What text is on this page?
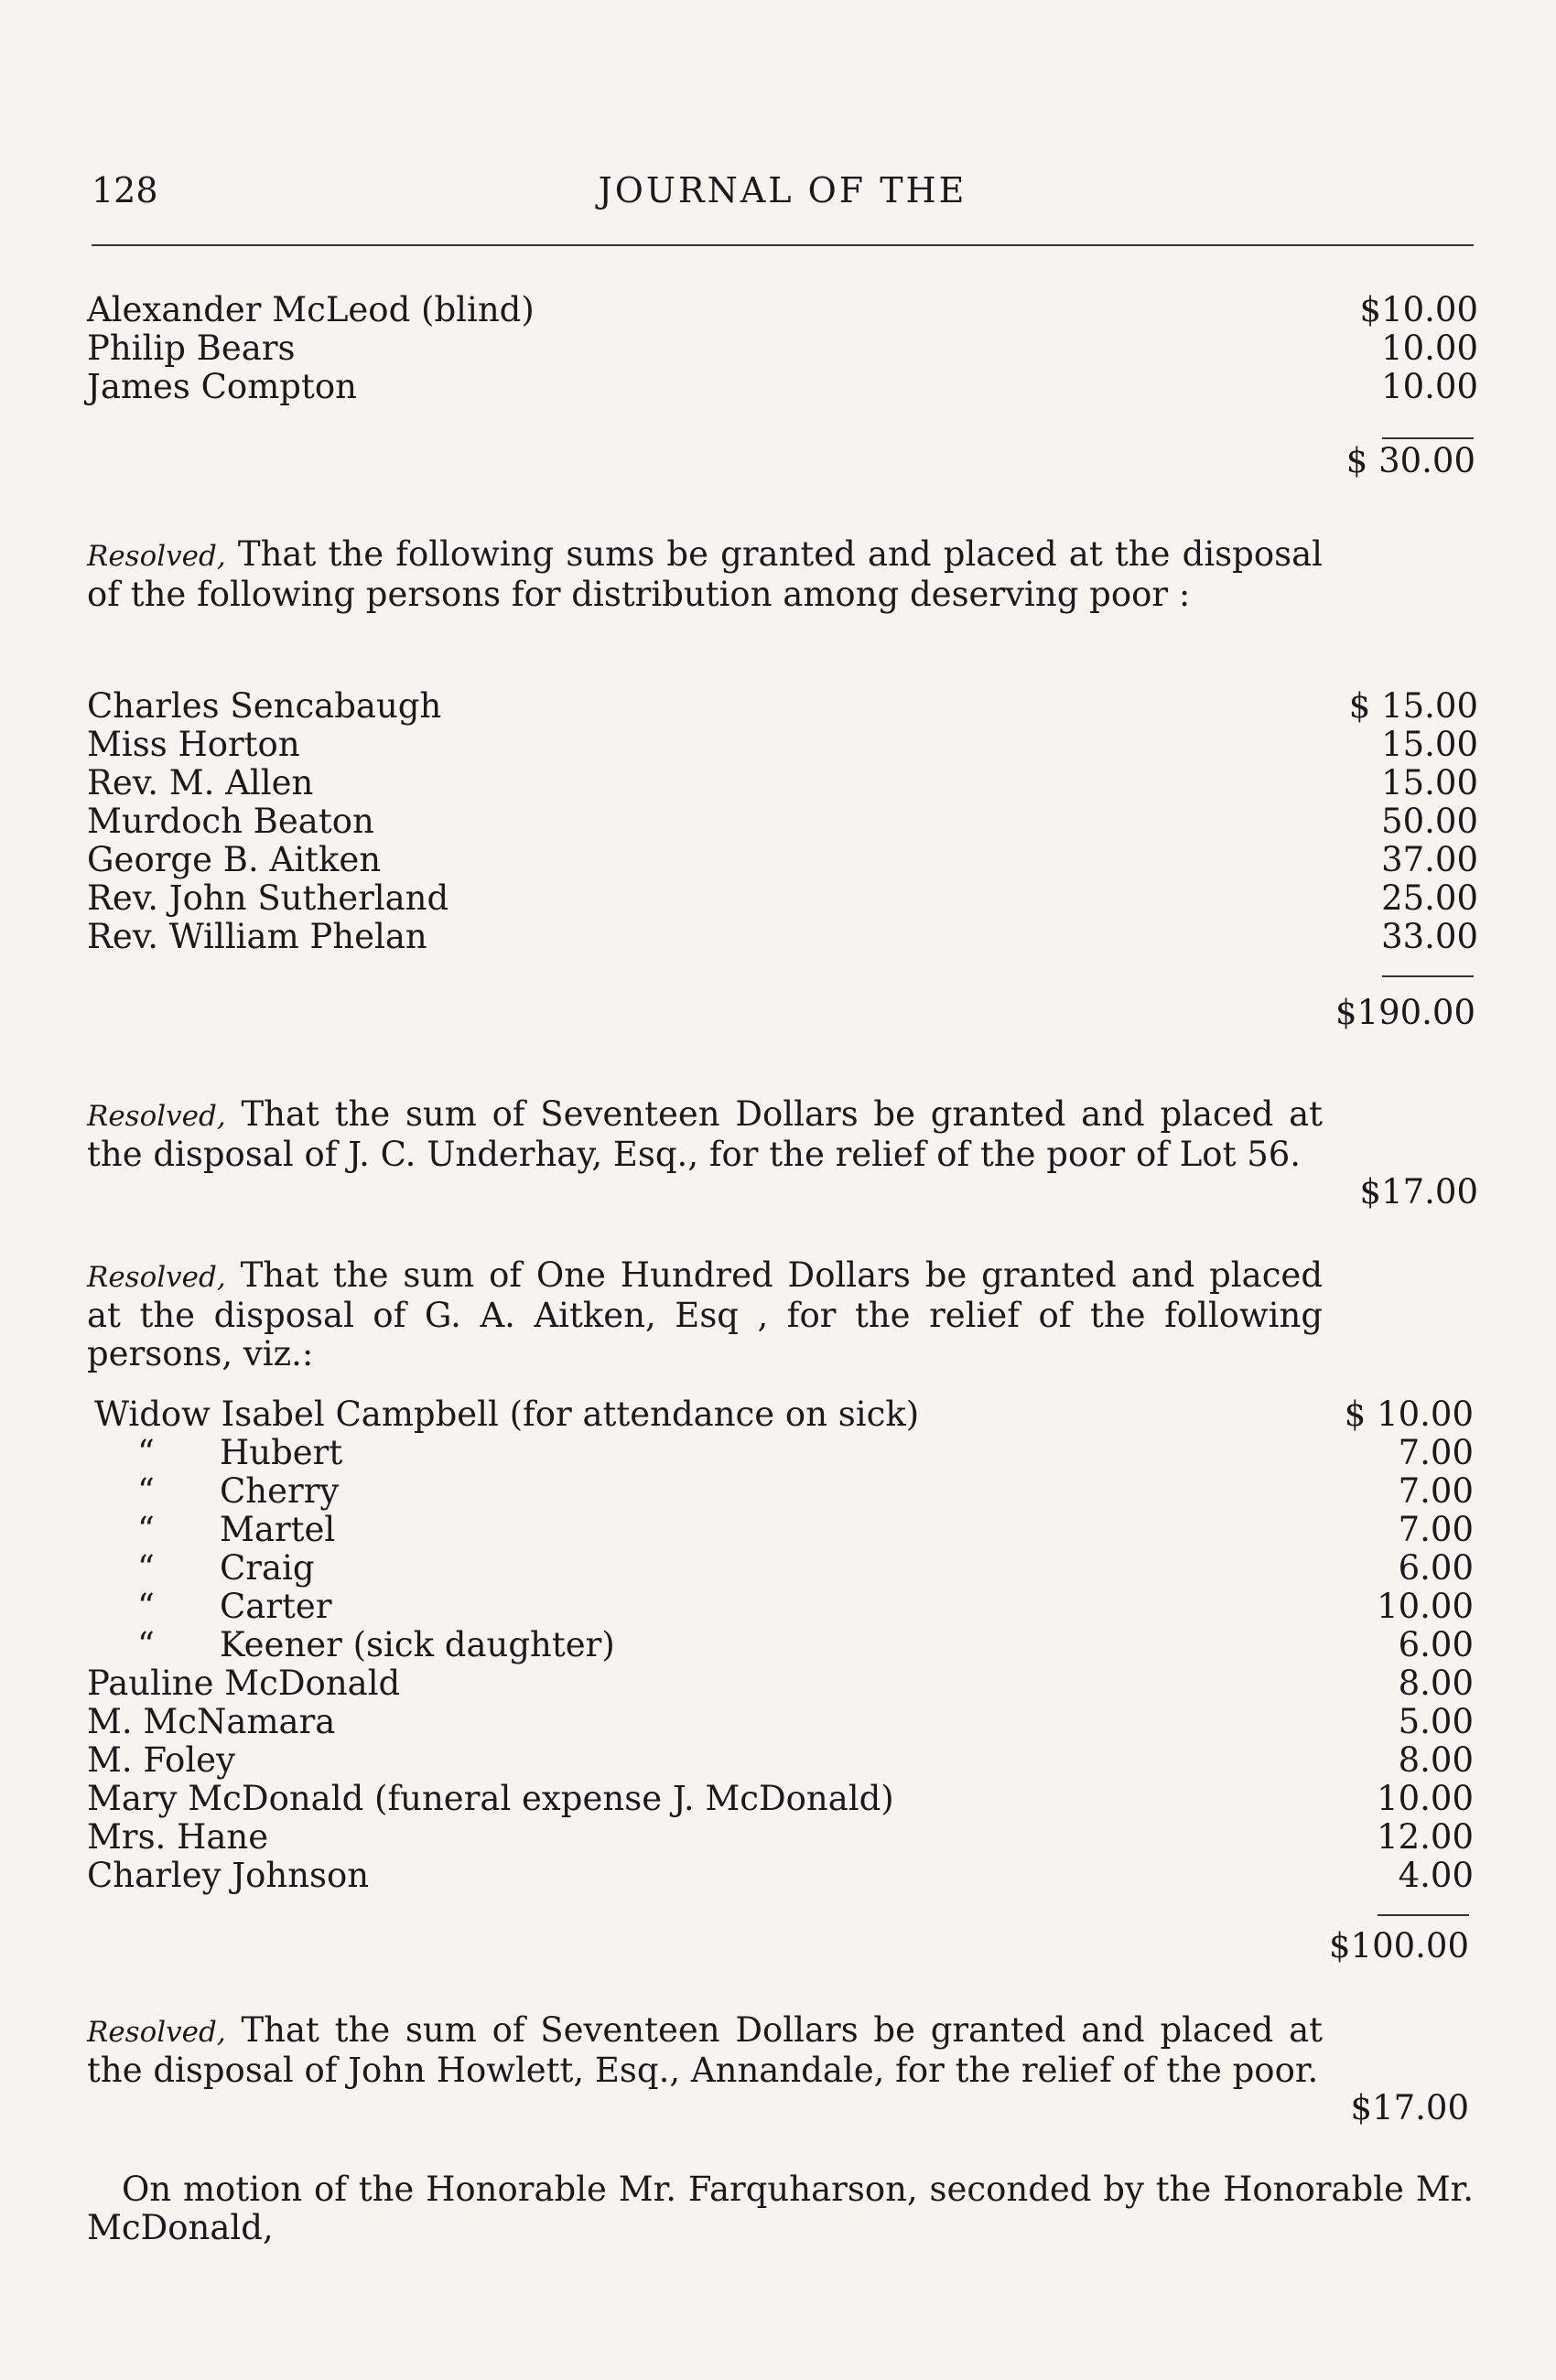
128	JOURNAL OF THE
Alexander McLeod (blind)	$10.00
Philip Bears	10.00
James Compton	10.00
$ 30.00
Resolved, That the following sums be granted and placed at the disposal of the following persons for distribution among deserving poor :
Charles Sencabaugh	$ 15.00
Miss Horton	15.00
Rev. M. Allen	15.00
Murdoch Beaton	50.00
George B. Aitken	37.00
Rev. John Sutherland	25.00
Rev. William Phelan	33.00
$190.00
Resolved, That the sum of Seventeen Dollars be granted and placed at the disposal of J. C. Underhay, Esq., for the relief of the poor of Lot 56.
$17.00
Resolved, That the sum of One Hundred Dollars be granted and placed at the disposal of G. A. Aitken, Esq , for the relief of the following persons, viz.:
Widow Isabel Campbell (for attendance on sick)	$ 10.00
“ Hubert	7.00
“ Cherry	7.00
“ Martel	7.00
“ Craig	6.00
“ Carter	10.00
“ Keener (sick daughter)	6.00
Pauline McDonald	8.00
M. McNamara	5.00
M. Foley	8.00
Mary McDonald (funeral expense J. McDonald)	10.00
Mrs. Hane	12.00
Charley Johnson	4.00
$100.00
Resolved, That the sum of Seventeen Dollars be granted and placed at the disposal of John Howlett, Esq., Annandale, for the relief of the poor.
$17.00
On motion of the Honorable Mr. Farquharson, seconded by the Honorable Mr. McDonald,
